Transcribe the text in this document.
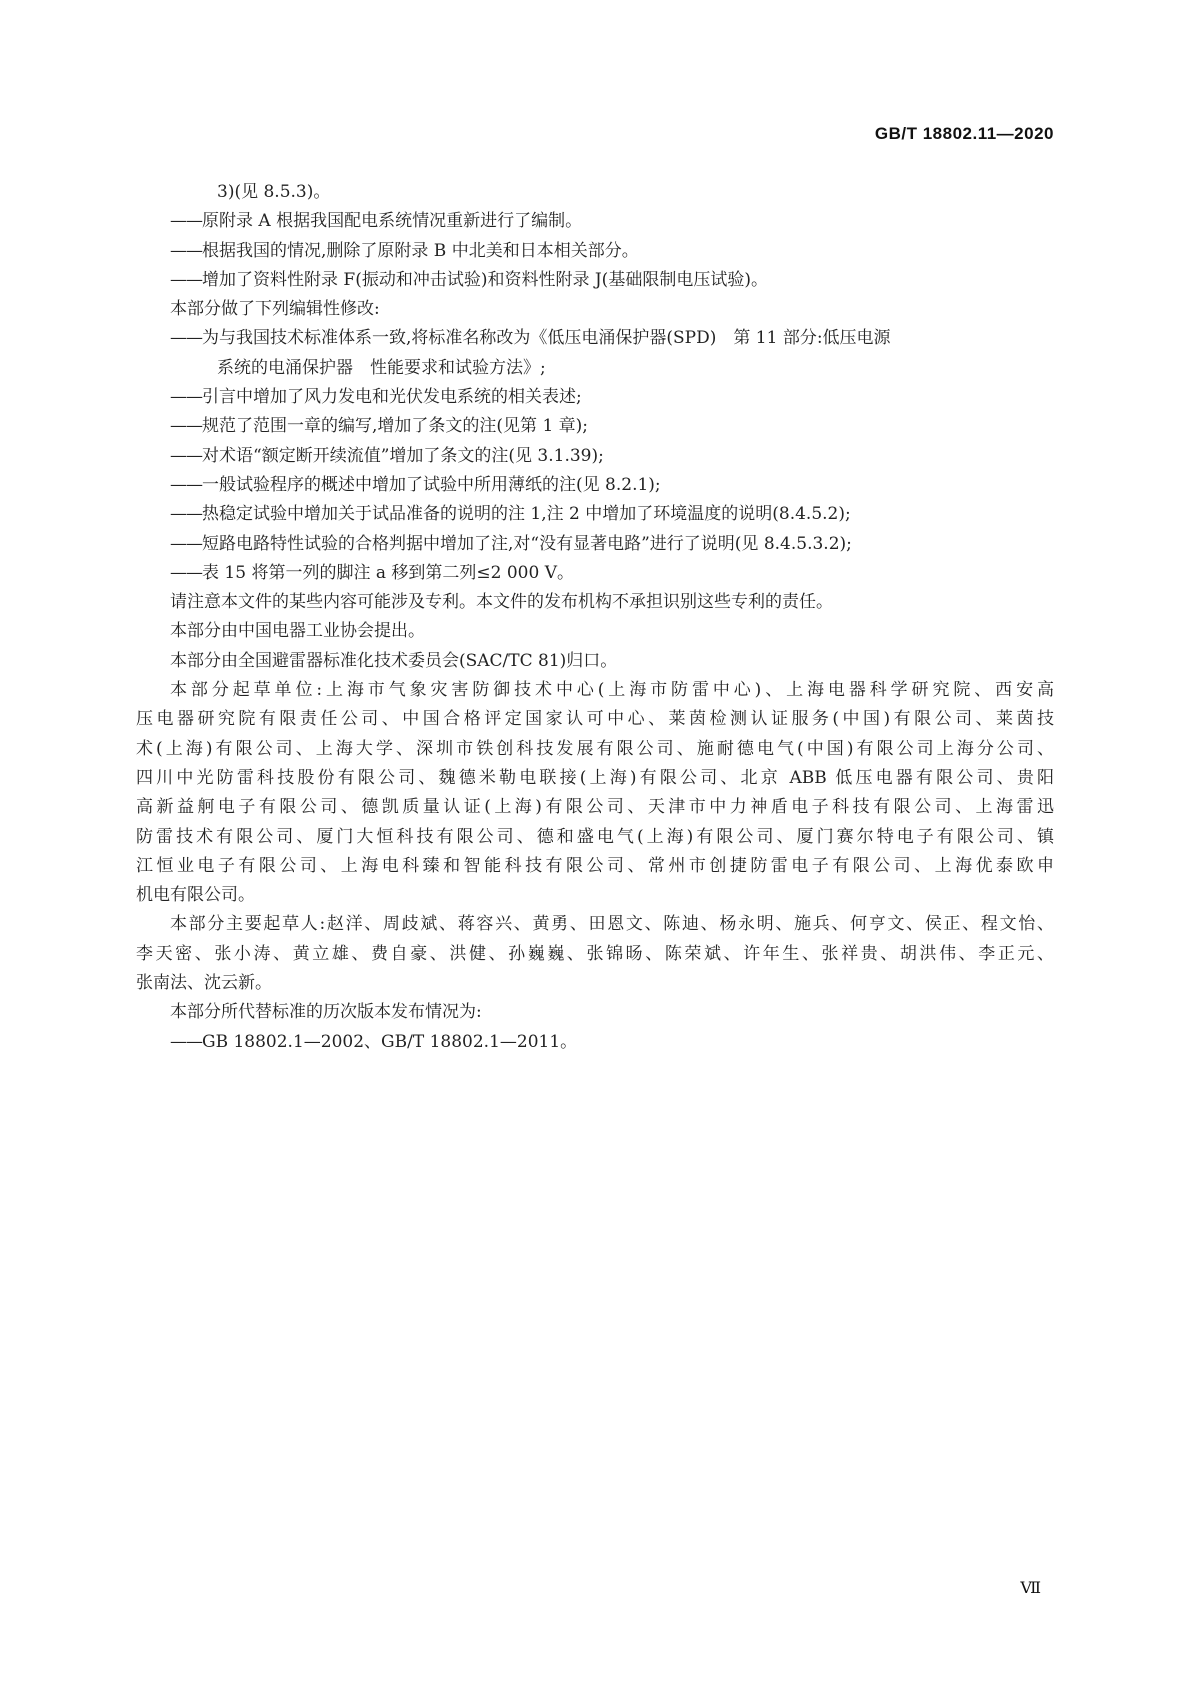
GB/T 18802.11—2020

3)(见 8.5.3)。

——原附录 A 根据我国配电系统情况重新进行了编制。

——根据我国的情况,删除了原附录 B 中北美和日本相关部分。

——增加了资料性附录 F(振动和冲击试验)和资料性附录 J(基础限制电压试验)。

本部分做了下列编辑性修改:

——为与我国技术标准体系一致,将标准名称改为《低压电涌保护器(SPD)　第 11 部分:低压电源

系统的电涌保护器　性能要求和试验方法》;

——引言中增加了风力发电和光伏发电系统的相关表述;

——规范了范围一章的编写,增加了条文的注(见第 1 章);

——对术语“额定断开续流值”增加了条文的注(见 3.1.39);

——一般试验程序的概述中增加了试验中所用薄纸的注(见 8.2.1);

——热稳定试验中增加关于试品准备的说明的注 1,注 2 中增加了环境温度的说明(8.4.5.2);

——短路电路特性试验的合格判据中增加了注,对“没有显著电路”进行了说明(见 8.4.5.3.2);

——表 15 将第一列的脚注 a 移到第二列≤2 000 V。

请注意本文件的某些内容可能涉及专利。本文件的发布机构不承担识别这些专利的责任。

本部分由中国电器工业协会提出。

本部分由全国避雷器标准化技术委员会(SAC/TC 81)归口。

本部分起草单位:上海市气象灾害防御技术中心(上海市防雷中心)、上海电器科学研究院、西安高

压电器研究院有限责任公司、中国合格评定国家认可中心、莱茵检测认证服务(中国)有限公司、莱茵技

术(上海)有限公司、上海大学、深圳市铁创科技发展有限公司、施耐德电气(中国)有限公司上海分公司、

四川中光防雷科技股份有限公司、魏德米勒电联接(上海)有限公司、北京 ABB 低压电器有限公司、贵阳

高新益舸电子有限公司、德凯质量认证(上海)有限公司、天津市中力神盾电子科技有限公司、上海雷迅

防雷技术有限公司、厦门大恒科技有限公司、德和盛电气(上海)有限公司、厦门赛尔特电子有限公司、镇

江恒业电子有限公司、上海电科臻和智能科技有限公司、常州市创捷防雷电子有限公司、上海优泰欧申

机电有限公司。

本部分主要起草人:赵洋、周歧斌、蒋容兴、黄勇、田恩文、陈迪、杨永明、施兵、何亨文、侯正、程文怡、

李天密、张小涛、黄立雄、费自豪、洪健、孙巍巍、张锦旸、陈荣斌、许年生、张祥贵、胡洪伟、李正元、

张南法、沈云新。

本部分所代替标准的历次版本发布情况为:

——GB 18802.1—2002、GB/T 18802.1—2011。

Ⅶ
